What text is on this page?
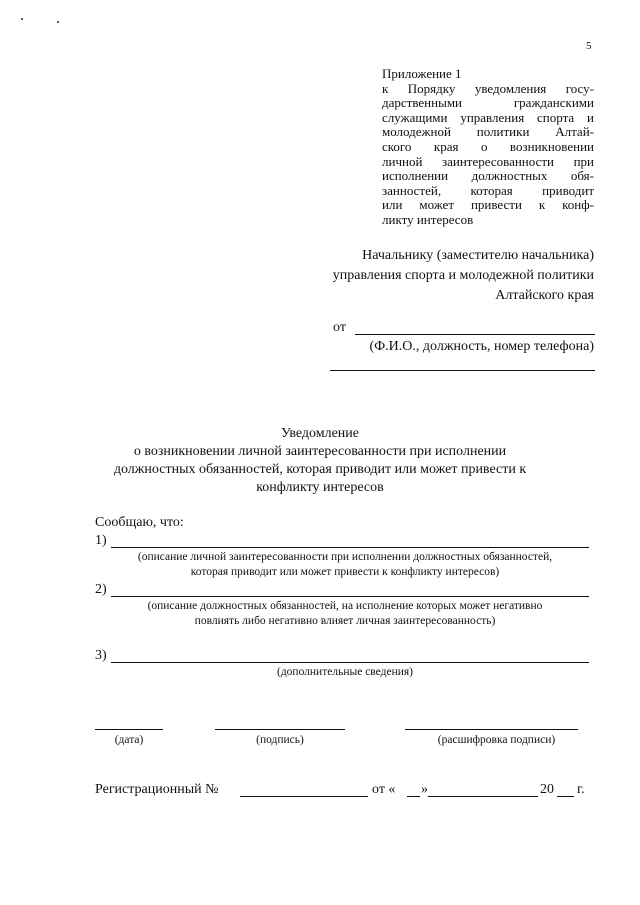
5
Приложение 1
к Порядку уведомления госу-
дарственными гражданскими
служащими управления спорта и
молодежной политики Алтай-
ского края о возникновении
личной заинтересованности при
исполнении должностных обя-
занностей, которая приводит
или может привести к конф-
ликту интересов
Начальнику (заместителю начальника)
управления спорта и молодежной политики
Алтайского края
от
(Ф.И.О., должность, номер телефона)
Уведомление
о возникновении личной заинтересованности при исполнении
должностных обязанностей, которая приводит или может привести к
конфликту интересов
Сообщаю, что:
1)
(описание личной заинтересованности при исполнении должностных обязанностей,
которая приводит или может привести к конфликту интересов)
2)
(описание должностных обязанностей, на исполнение которых может негативно
повлиять либо негативно влияет личная заинтересованность)
3)
(дополнительные сведения)
(дата)	(подпись)	(расшифровка подписи)
Регистрационный №	от « »	20 г.
